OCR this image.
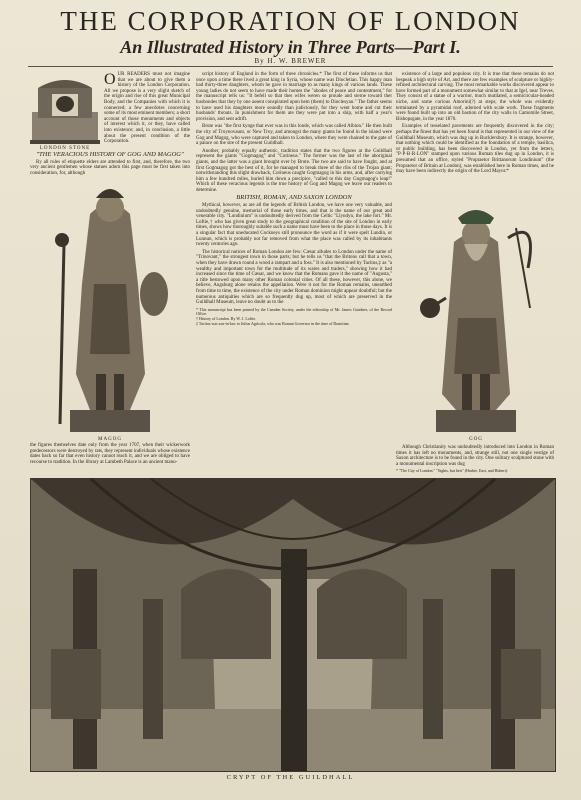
THE CORPORATION OF LONDON
An Illustrated History in Three Parts—Part I.
By H. W. BREWER
LONDON STONE

OUR READERS must not imagine that we are about to give them a history of the London Corporation. All we propose is a very slight sketch of the origin and rise of this great Municipal Body, and the Companies with which it is connected; a few anecdotes concerning some of its most eminent members; a short account of those monuments and objects of interest which it, or they, have called into existence; and, in conclusion, a little about the present condition of the Corporation.

"THE VERACIOUS HISTORY OF GOG AND MAGOG"

By all rules of etiquette elders are attended to first, and, therefore, the two very ancient gentlemen whose statues adorn this page must be first taken into consideration, for, although

MAGOG

script history of England in the form of three chronicles.* The first of these informs us that once upon a time there lived a great king in Syria, whose name was Diocletian. This happy man had thirty-three daughters, whom he gave in marriage to as many kings of various lands. These young ladies do not seem to have made their homes the "abodes of peace and contentment," for the manuscript tells us: "It befell so that thes wifes weren so proude and sterne toward ther husbondes that they by one assent conspirated upon hem (them) to Dioclesyan." The father seems to have used his daughters more soundly than judiciously, for they went home and cut their husbands' throats. In punishment for them ate they were put into a ship, with half a year's provision, and sent adrift.

Brute was "the first kynge that ever was in this londe, which was called Albion." He then built the city of Troynovaunt, or New Troy, and amongst the many giants he found in the island were Gog and Magog, who were captured and taken to London, where they were chained to the gate of a palace on the site of the present Guildhall.

Another, probably equally authentic, tradition states that the two figures at the Guildhall represent the giants "Gogmagog" and "Corineus." The former was the last of the aboriginal giants, and the latter was a giant brought over by Brute. The two are said to have fought, and at first Gogmagog got the best of it, for he managed to break three of the ribs of the Trojan giant; notwithstanding this slight drawback, Corineus caught Gogmagog in his arms, and, after carrying him a few hundred miles, hurled him down a precipice, "called to this day Gogmagog's leap!" Which of these veracious legends is the true history of Gog and Magog we leave our readers to determine.

BRITISH, ROMAN, AND SAXON LONDON

Mythical, however, as are all the legends of British London, we have one very valuable, and undoubtedly genuine, memorial of those early times, and that is the name of our great and venerable city. "Londinium" is undoubtedly derived from the Celtic "Llyndyn, the lake fort." Mr. Loftie,† who has given great study to the geographical condition of the site of London in early times, shows how thoroughly suitable such a name must have been to the place in those days. It is a singular fact that uneducated Cockneys still pronounce the word as if it were spelt Lundin, or Lunnun, which is probably not far removed from what the place was called by its inhabitants twenty centuries ago.

The historical notices of Roman London are few: Cæsar alludes to London under the name of "Trinovant," the strongest town in those parts; but he tells us "that the Britons call that a town, when they have drawn round a wood a rampart and a foss." It is also mentioned by Tacitus,‡ as "a wealthy and important town for the multitude of its wares and traders," showing how it had increased since the time of Cæsar, and we know that the Romans gave it the name of "Augusta," a title bestowed upon many other Roman colonial cities. Of all these, however, this alone, we believe, Augsburg alone retains the appellation. Were it not for the Roman remains, unearthed from time to time, the existence of the city under Roman dominion might appear doubtful; but the numerous antiquities which are so frequently dug up, most of which are preserved in the Guildhall Museum, leave no doubt as to the

* This manuscript has been printed by the Camden Society, under the editorship of Mr. James Gairdner, of the Record Office.
† History of London. By W. J. Loftie.
‡ Tacitus was son-in-law to Julius Agricola, who was Roman Governor in the time of Domitian.

existence of a large and populous city. It is true that these remains do not bespeak a high style of Art, and there are few examples of sculpture or highly-refined architectural carving. The most remarkable works discovered appear to have formed part of a monument somewhat similar to that at Igel, near Treves. They consist of a statue of a warrior, much mutilated, a semicircular-headed niche, and some curious Amorini(?) at steps; the whole was evidently terminated by a pyramidal roof, adorned with scale work. These fragments were found built up into an old bastion of the city walls in Camomile Street, Bishopsgate, in the year 1876.

Examples of tesselated pavements are frequently discovered in the city; perhaps the finest that has yet been found is that represented in our view of the Guildhall Museum, which was dug up in Bucklersbury. It is strange, however, that nothing which could be identified as the foundation of a temple, basilica, or public building, has been discovered in London, yet from the letters, "P·P·B·R·LON" stamped upon various Roman tiles dug up in London, it is presumed that an office, styled "Propraetor Brittanorum Londinium" (the Propraetor of Britain at London), was established here in Roman times, and he may have been indirectly the origin of the Lord Mayor.*

GOG

the figures themselves date only from the year 1707, when their wickerwork predecessors were destroyed by rats, they represent individuals whose existence dates back so far that even history cannot reach it, and we are obliged to have recourse to tradition. In the library at Lambeth Palace is an ancient manu-

Although Christianity was undoubtedly introduced into London in Roman times it has left no monuments, and, strange still, not one single vestige of Saxon architecture is to be found in the city. One solitary sculptured stone with a monumental inscription was dug

* "The City of London." "Sights, but heir" (Hadrie, East, and Hubert).
CRYPT OF THE GUILDHALL
